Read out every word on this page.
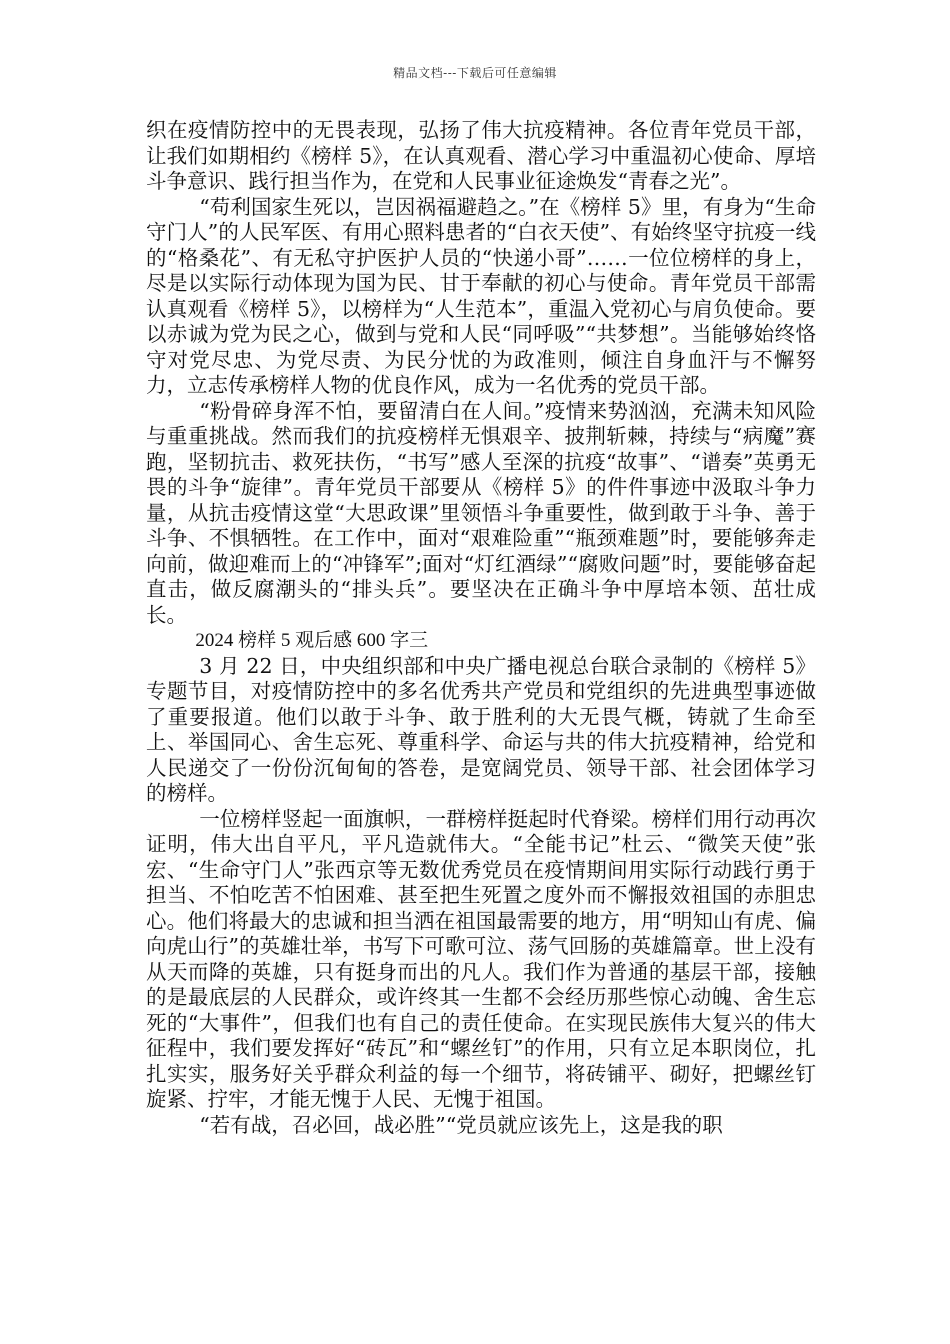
精品文档---下载后可任意编辑

织在疫情防控中的无畏表现，弘扬了伟大抗疫精神。各位青年党员干部，让我们如期相约《榜样 5》，在认真观看、潜心学习中重温初心使命、厚培斗争意识、践行担当作为，在党和人民事业征途焕发“青春之光”。

“苟利国家生死以，岂因祸福避趋之。”在《榜样 5》里，有身为“生命守门人”的人民军医、有用心照料患者的“白衣天使”、有始终坚守抗疫一线的“格桑花”、有无私守护医护人员的“快递小哥”……一位位榜样的身上，尽是以实际行动体现为国为民、甘于奉献的初心与使命。青年党员干部需认真观看《榜样 5》，以榜样为“人生范本”，重温入党初心与肩负使命。要以赤诚为党为民之心，做到与党和人民“同呼吸”“共梦想”。当能够始终恪守对党尽忠、为党尽责、为民分忧的为政准则，倾注自身血汗与不懈努力，立志传承榜样人物的优良作风，成为一名优秀的党员干部。

“粉骨碎身浑不怕，要留清白在人间。”疫情来势汹汹，充满未知风险与重重挑战。然而我们的抗疫榜样无惧艰辛、披荆斩棘，持续与“病魔”赛跑，坚韧抗击、救死扶伤，“书写”感人至深的抗疫“故事”、“谱奏”英勇无畏的斗争“旋律”。青年党员干部要从《榜样 5》的件件事迹中汲取斗争力量，从抗击疫情这堂“大思政课”里领悟斗争重要性，做到敢于斗争、善于斗争、不惧牺牲。在工作中，面对“艰难险重”“瓶颈难题”时，要能够奔走向前，做迎难而上的“冲锋军”;面对“灯红酒绿”“腐败问题”时，要能够奋起直击，做反腐潮头的“排头兵”。要坚决在正确斗争中厚培本领、茁壮成长。

2024 榜样 5 观后感 600 字三

3 月 22 日，中央组织部和中央广播电视总台联合录制的《榜样 5》专题节目，对疫情防控中的多名优秀共产党员和党组织的先进典型事迹做了重要报道。他们以敢于斗争、敢于胜利的大无畏气概，铸就了生命至上、举国同心、舍生忘死、尊重科学、命运与共的伟大抗疫精神，给党和人民递交了一份份沉甸甸的答卷，是宽阔党员、领导干部、社会团体学习的榜样。

一位榜样竖起一面旗帜，一群榜样挺起时代脊梁。榜样们用行动再次证明，伟大出自平凡，平凡造就伟大。“全能书记”杜云、“微笑天使”张宏、“生命守门人”张西京等无数优秀党员在疫情期间用实际行动践行勇于担当、不怕吃苦不怕困难、甚至把生死置之度外而不懈报效祖国的赤胆忠心。他们将最大的忠诚和担当洒在祖国最需要的地方，用“明知山有虎、偏向虎山行”的英雄壮举，书写下可歌可泣、荡气回肠的英雄篇章。世上没有从天而降的英雄，只有挺身而出的凡人。我们作为普通的基层干部，接触的是最底层的人民群众，或许终其一生都不会经历那些惊心动魄、舍生忘死的“大事件”，但我们也有自己的责任使命。在实现民族伟大复兴的伟大征程中，我们要发挥好“砖瓦”和“螺丝钉”的作用，只有立足本职岗位，扎扎实实，服务好关乎群众利益的每一个细节，将砖铺平、砌好，把螺丝钉旋紧、拧牢，才能无愧于人民、无愧于祖国。

“若有战，召必回，战必胜”“党员就应该先上，这是我的职
